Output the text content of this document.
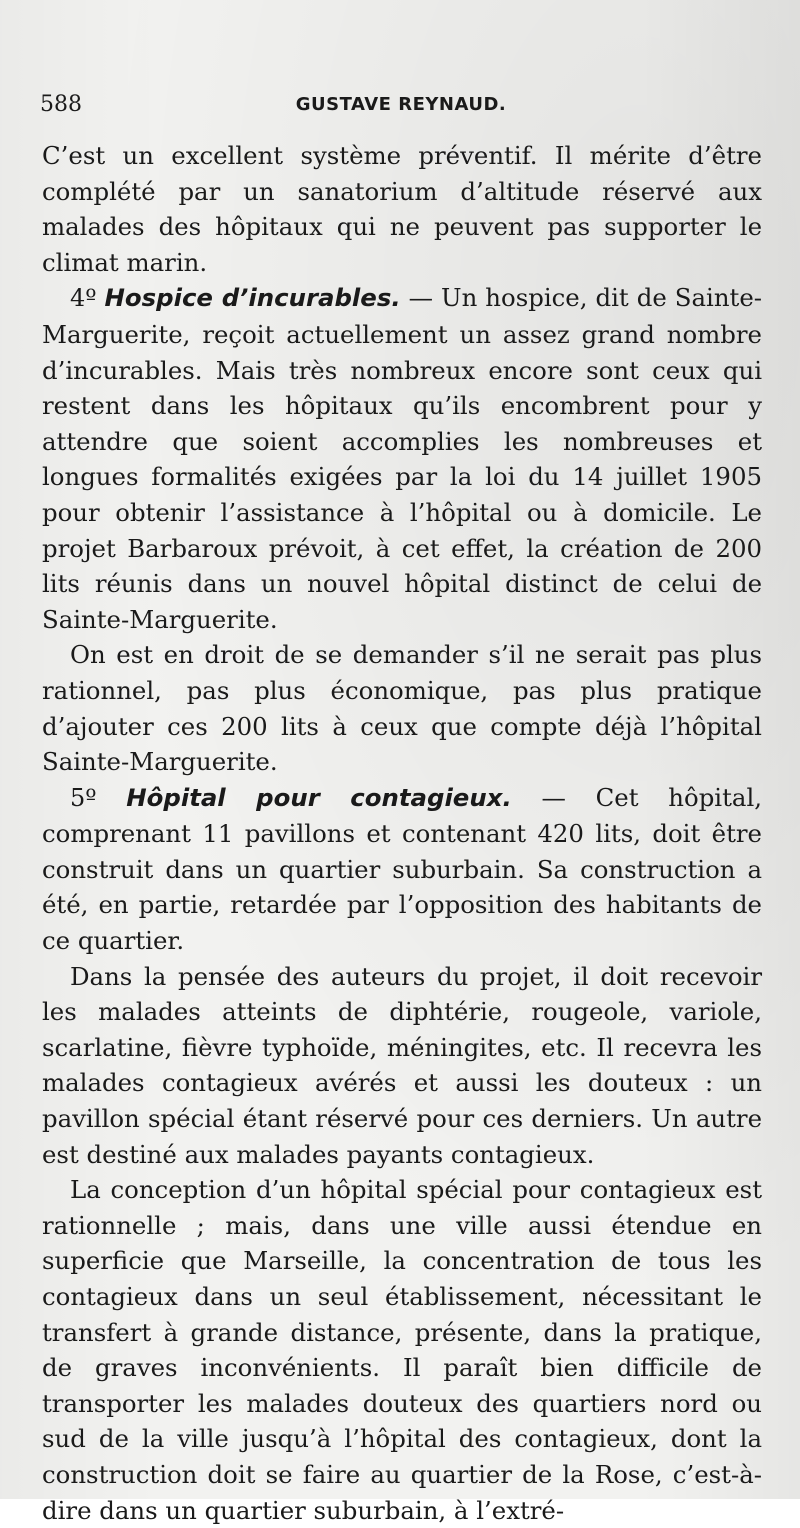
588	GUSTAVE REYNAUD.

C’est un excellent système préventif. Il mérite d’être complété par un sanatorium d’altitude réservé aux malades des hôpitaux qui ne peuvent pas supporter le climat marin.

4º Hospice d’incurables. — Un hospice, dit de Sainte-Marguerite, reçoit actuellement un assez grand nombre d’incurables. Mais très nombreux encore sont ceux qui restent dans les hôpitaux qu’ils encombrent pour y attendre que soient accomplies les nombreuses et longues formalités exigées par la loi du 14 juillet 1905 pour obtenir l’assistance à l’hôpital ou à domicile. Le projet Barbaroux prévoit, à cet effet, la création de 200 lits réunis dans un nouvel hôpital distinct de celui de Sainte-Marguerite.

On est en droit de se demander s’il ne serait pas plus rationnel, pas plus économique, pas plus pratique d’ajouter ces 200 lits à ceux que compte déjà l’hôpital Sainte-Marguerite.

5º Hôpital pour contagieux. — Cet hôpital, comprenant 11 pavillons et contenant 420 lits, doit être construit dans un quartier suburbain. Sa construction a été, en partie, retardée par l’opposition des habitants de ce quartier.

Dans la pensée des auteurs du projet, il doit recevoir les malades atteints de diphtérie, rougeole, variole, scarlatine, fièvre typhoïde, méningites, etc. Il recevra les malades contagieux avérés et aussi les douteux : un pavillon spécial étant réservé pour ces derniers. Un autre est destiné aux malades payants contagieux.

La conception d’un hôpital spécial pour contagieux est rationnelle ; mais, dans une ville aussi étendue en superficie que Marseille, la concentration de tous les contagieux dans un seul établissement, nécessitant le transfert à grande distance, présente, dans la pratique, de graves inconvénients. Il paraît bien difficile de transporter les malades douteux des quartiers nord ou sud de la ville jusqu’à l’hôpital des contagieux, dont la construction doit se faire au quartier de la Rose, c’est-à-dire dans un quartier suburbain, à l’extré-
